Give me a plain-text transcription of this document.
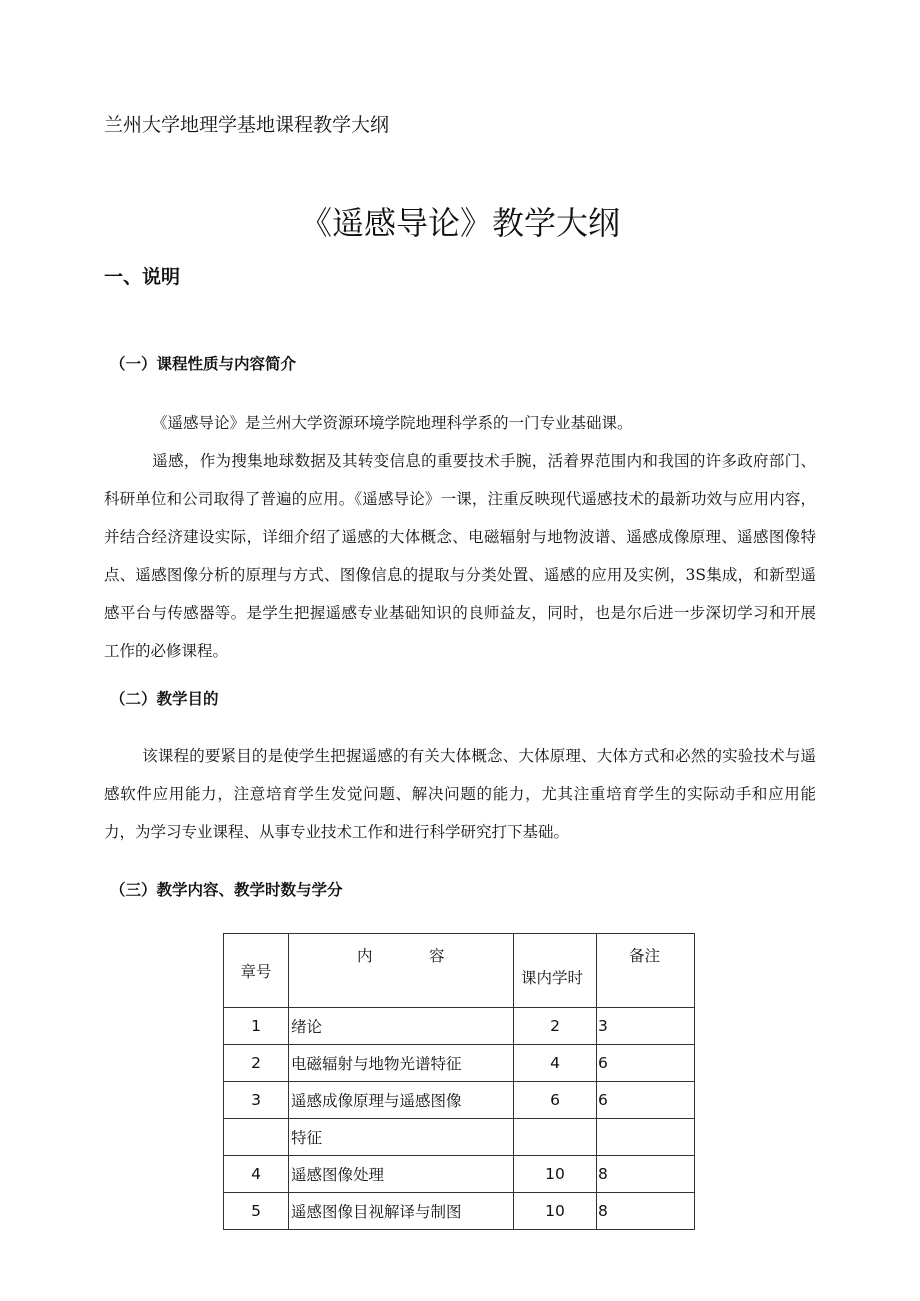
兰州大学地理学基地课程教学大纲
《遥感导论》教学大纲
一、说明
（一）课程性质与内容简介

《遥感导论》是兰州大学资源环境学院地理科学系的一门专业基础课。

遥感，作为搜集地球数据及其转变信息的重要技术手腕，活着界范围内和我国的许多政府部门、科研单位和公司取得了普遍的应用。《遥感导论》一课，注重反映现代遥感技术的最新功效与应用内容，并结合经济建设实际，详细介绍了遥感的大体概念、电磁辐射与地物波谱、遥感成像原理、遥感图像特点、遥感图像分析的原理与方式、图像信息的提取与分类处置、遥感的应用及实例，3S集成，和新型遥感平台与传感器等。是学生把握遥感专业基础知识的良师益友，同时，也是尔后进一步深切学习和开展工作的必修课程。

（二）教学目的

该课程的要紧目的是使学生把握遥感的有关大体概念、大体原理、大体方式和必然的实验技术与遥感软件应用能力，注意培育学生发觉问题、解决问题的能力，尤其注重培育学生的实际动手和应用能力，为学习专业课程、从事专业技术工作和进行科学研究打下基础。

（三）教学内容、教学时数与学分
章号	内 容	课内学时	备注

1	绪论	2	3
2	电磁辐射与地物光谱特征	4	6
3	遥感成像原理与遥感图像	6	6
	特征		
4	遥感图像处理	10	8
5	遥感图像目视解译与制图	10	8
